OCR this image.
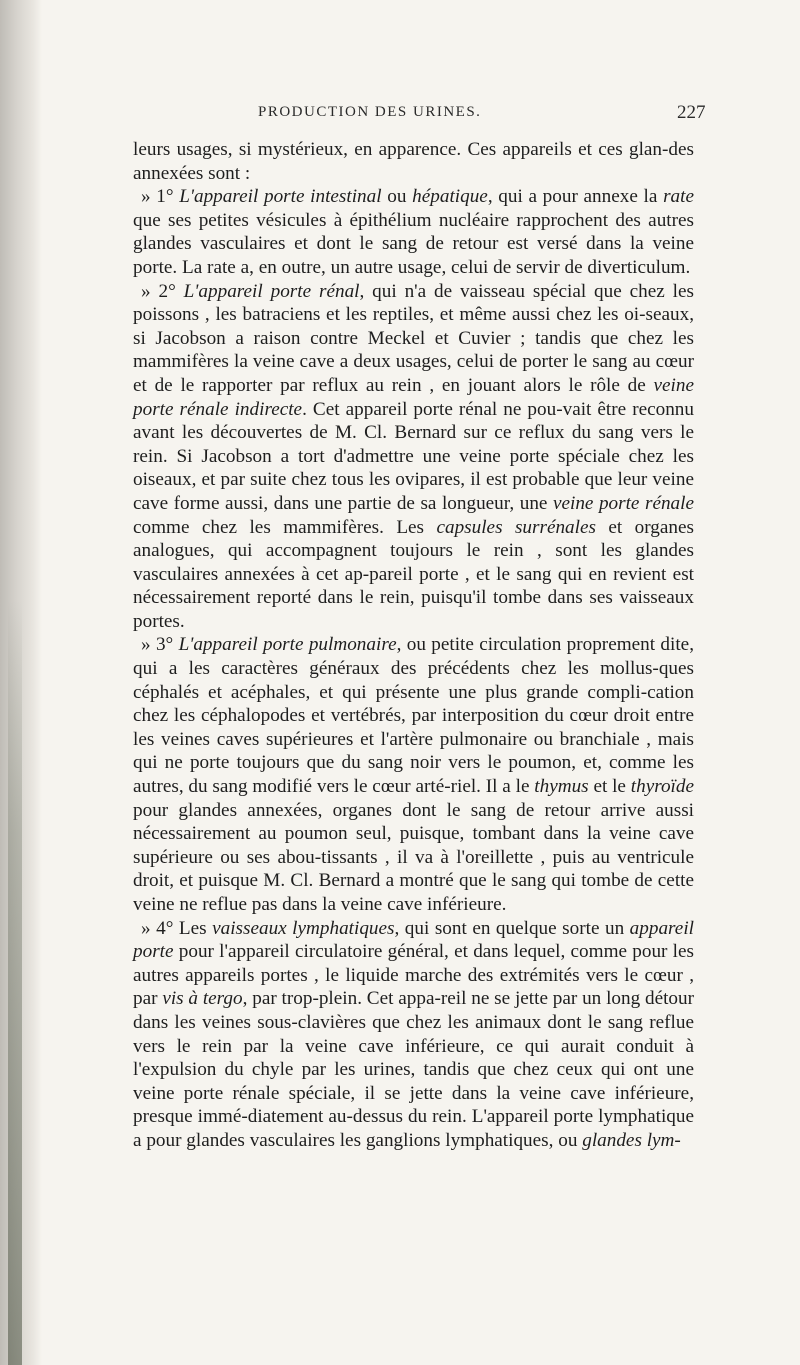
PRODUCTION DES URINES.	227

leurs usages, si mystérieux, en apparence. Ces appareils et ces glan-des annexées sont :

» 1° L'appareil porte intestinal ou hépatique, qui a pour annexe la rate que ses petites vésicules à épithélium nucléaire rapprochent des autres glandes vasculaires et dont le sang de retour est versé dans la veine porte. La rate a, en outre, un autre usage, celui de servir de diverticulum.

» 2° L'appareil porte rénal, qui n'a de vaisseau spécial que chez les poissons , les batraciens et les reptiles, et même aussi chez les oi-seaux, si Jacobson a raison contre Meckel et Cuvier ; tandis que chez les mammifères la veine cave a deux usages, celui de porter le sang au cœur et de le rapporter par reflux au rein , en jouant alors le rôle de veine porte rénale indirecte. Cet appareil porte rénal ne pou-vait être reconnu avant les découvertes de M. Cl. Bernard sur ce reflux du sang vers le rein. Si Jacobson a tort d'admettre une veine porte spéciale chez les oiseaux, et par suite chez tous les ovipares, il est probable que leur veine cave forme aussi, dans une partie de sa longueur, une veine porte rénale comme chez les mammifères. Les capsules surrénales et organes analogues, qui accompagnent toujours le rein , sont les glandes vasculaires annexées à cet ap-pareil porte , et le sang qui en revient est nécessairement reporté dans le rein, puisqu'il tombe dans ses vaisseaux portes.

» 3° L'appareil porte pulmonaire, ou petite circulation proprement dite, qui a les caractères généraux des précédents chez les mollus-ques céphalés et acéphales, et qui présente une plus grande compli-cation chez les céphalopodes et vertébrés, par interposition du cœur droit entre les veines caves supérieures et l'artère pulmonaire ou branchiale , mais qui ne porte toujours que du sang noir vers le poumon, et, comme les autres, du sang modifié vers le cœur arté-riel. Il a le thymus et le thyroïde pour glandes annexées, organes dont le sang de retour arrive aussi nécessairement au poumon seul, puisque, tombant dans la veine cave supérieure ou ses abou-tissants , il va à l'oreillette , puis au ventricule droit, et puisque M. Cl. Bernard a montré que le sang qui tombe de cette veine ne reflue pas dans la veine cave inférieure.

» 4° Les vaisseaux lymphatiques, qui sont en quelque sorte un appareil porte pour l'appareil circulatoire général, et dans lequel, comme pour les autres appareils portes , le liquide marche des extrémités vers le cœur , par vis à tergo, par trop-plein. Cet appa-reil ne se jette par un long détour dans les veines sous-clavières que chez les animaux dont le sang reflue vers le rein par la veine cave inférieure, ce qui aurait conduit à l'expulsion du chyle par les urines, tandis que chez ceux qui ont une veine porte rénale spéciale, il se jette dans la veine cave inférieure, presque immé-diatement au-dessus du rein. L'appareil porte lymphatique a pour glandes vasculaires les ganglions lymphatiques, ou glandes lym-
